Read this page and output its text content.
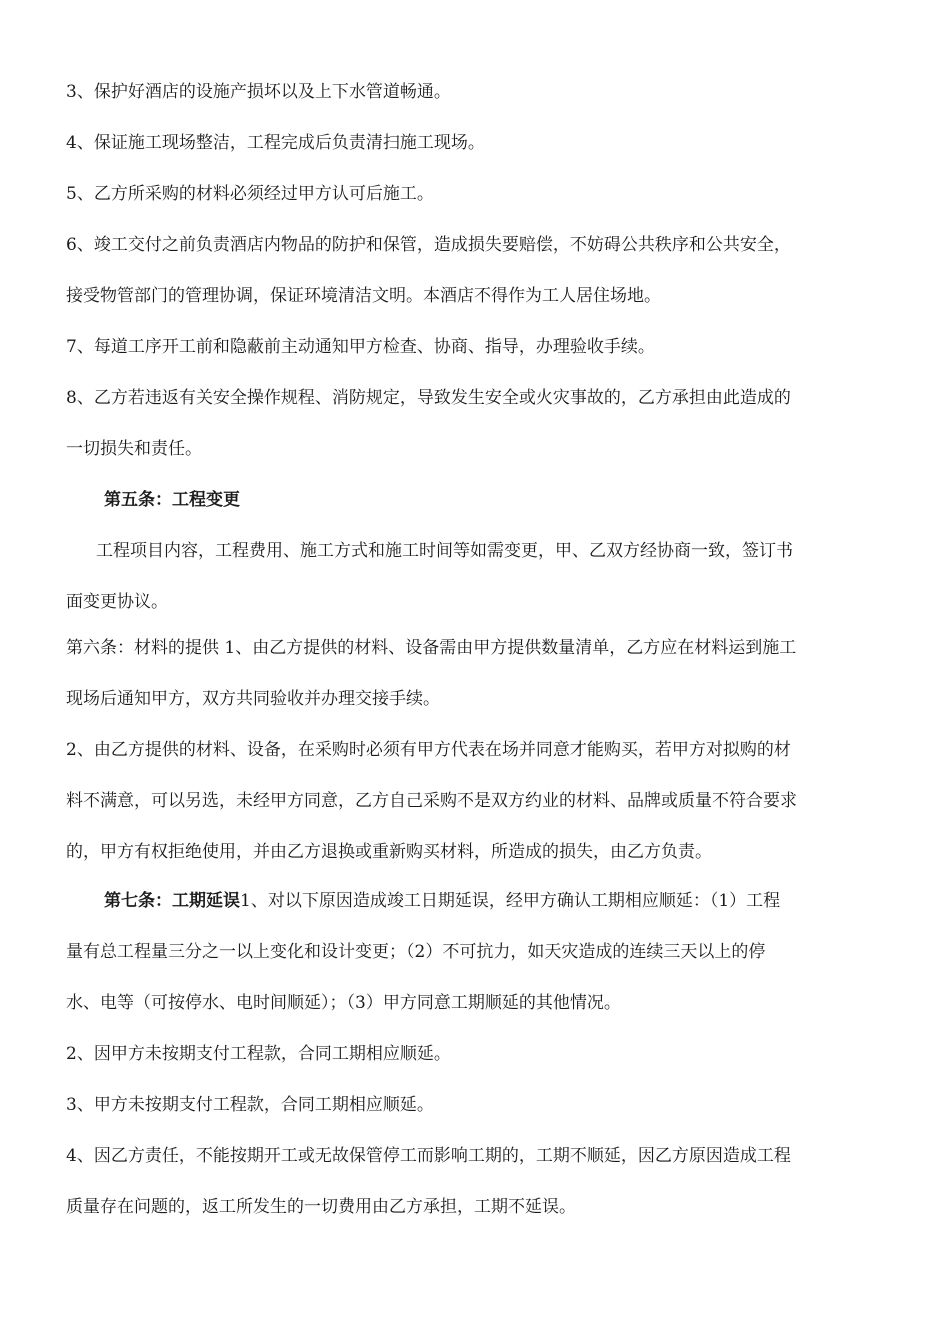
3、保护好酒店的设施产损坏以及上下水管道畅通。
4、保证施工现场整洁，工程完成后负责清扫施工现场。
5、乙方所采购的材料必须经过甲方认可后施工。
6、竣工交付之前负责酒店内物品的防护和保管，造成损失要赔偿，不妨碍公共秩序和公共安全，
接受物管部门的管理协调，保证环境清洁文明。本酒店不得作为工人居住场地。
7、每道工序开工前和隐蔽前主动通知甲方检查、协商、指导，办理验收手续。
8、乙方若违返有关安全操作规程、消防规定，导致发生安全或火灾事故的，乙方承担由此造成的
一切损失和责任。
第五条：工程变更
工程项目内容，工程费用、施工方式和施工时间等如需变更，甲、乙双方经协商一致，签订书
面变更协议。
第六条：材料的提供 1、由乙方提供的材料、设备需由甲方提供数量清单，乙方应在材料运到施工
现场后通知甲方，双方共同验收并办理交接手续。
2、由乙方提供的材料、设备，在采购时必须有甲方代表在场并同意才能购买，若甲方对拟购的材
料不满意，可以另选，未经甲方同意，乙方自己采购不是双方约业的材料、品牌或质量不符合要求
的，甲方有权拒绝使用，并由乙方退换或重新购买材料，所造成的损失，由乙方负责。
第七条：工期延误1、对以下原因造成竣工日期延误，经甲方确认工期相应顺延：（1）工程
量有总工程量三分之一以上变化和设计变更；（2）不可抗力，如天灾造成的连续三天以上的停
水、电等（可按停水、电时间顺延）；（3）甲方同意工期顺延的其他情况。
2、因甲方未按期支付工程款，合同工期相应顺延。
3、甲方未按期支付工程款，合同工期相应顺延。
4、因乙方责任，不能按期开工或无故保管停工而影响工期的，工期不顺延，因乙方原因造成工程
质量存在问题的，返工所发生的一切费用由乙方承担，工期不延误。
